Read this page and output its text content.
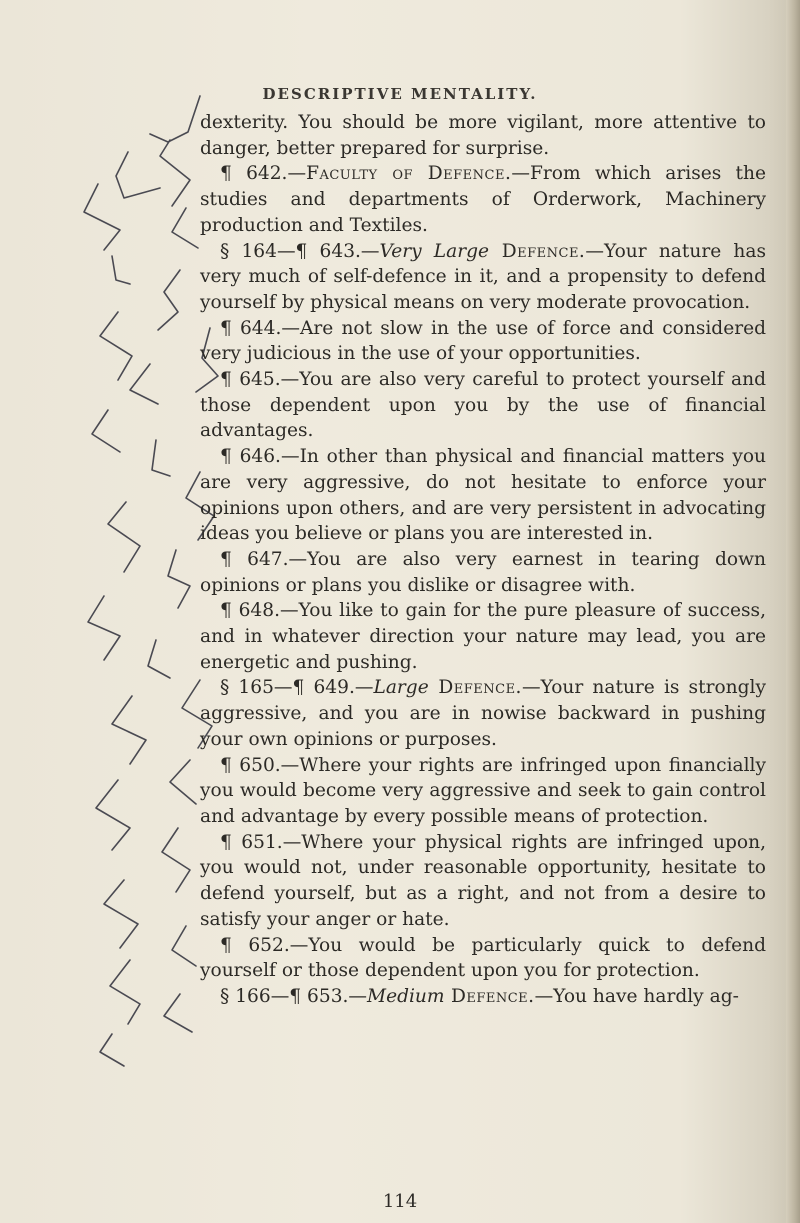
DESCRIPTIVE MENTALITY.

dexterity. You should be more vigilant, more attentive to danger, better prepared for surprise.

¶ 642.—Faculty of Defence.—From which arises the studies and departments of Orderwork, Machinery production and Textiles.

§ 164—¶ 643.—Very Large Defence.—Your nature has very much of self-defence in it, and a propensity to defend yourself by physical means on very moderate provocation.

¶ 644.—Are not slow in the use of force and considered very judicious in the use of your opportunities.

¶ 645.—You are also very careful to protect yourself and those dependent upon you by the use of financial advantages.

¶ 646.—In other than physical and financial matters you are very aggressive, do not hesitate to enforce your opinions upon others, and are very persistent in advocating ideas you believe or plans you are interested in.

¶ 647.—You are also very earnest in tearing down opinions or plans you dislike or disagree with.

¶ 648.—You like to gain for the pure pleasure of success, and in whatever direction your nature may lead, you are energetic and pushing.

§ 165—¶ 649.—Large Defence.—Your nature is strongly aggressive, and you are in nowise backward in pushing your own opinions or purposes.

¶ 650.—Where your rights are infringed upon financially you would become very aggressive and seek to gain control and advantage by every possible means of protection.

¶ 651.—Where your physical rights are infringed upon, you would not, under reasonable opportunity, hesitate to defend yourself, but as a right, and not from a desire to satisfy your anger or hate.

¶ 652.—You would be particularly quick to defend yourself or those dependent upon you for protection.

§ 166—¶ 653.—Medium Defence.—You have hardly ag-

114
